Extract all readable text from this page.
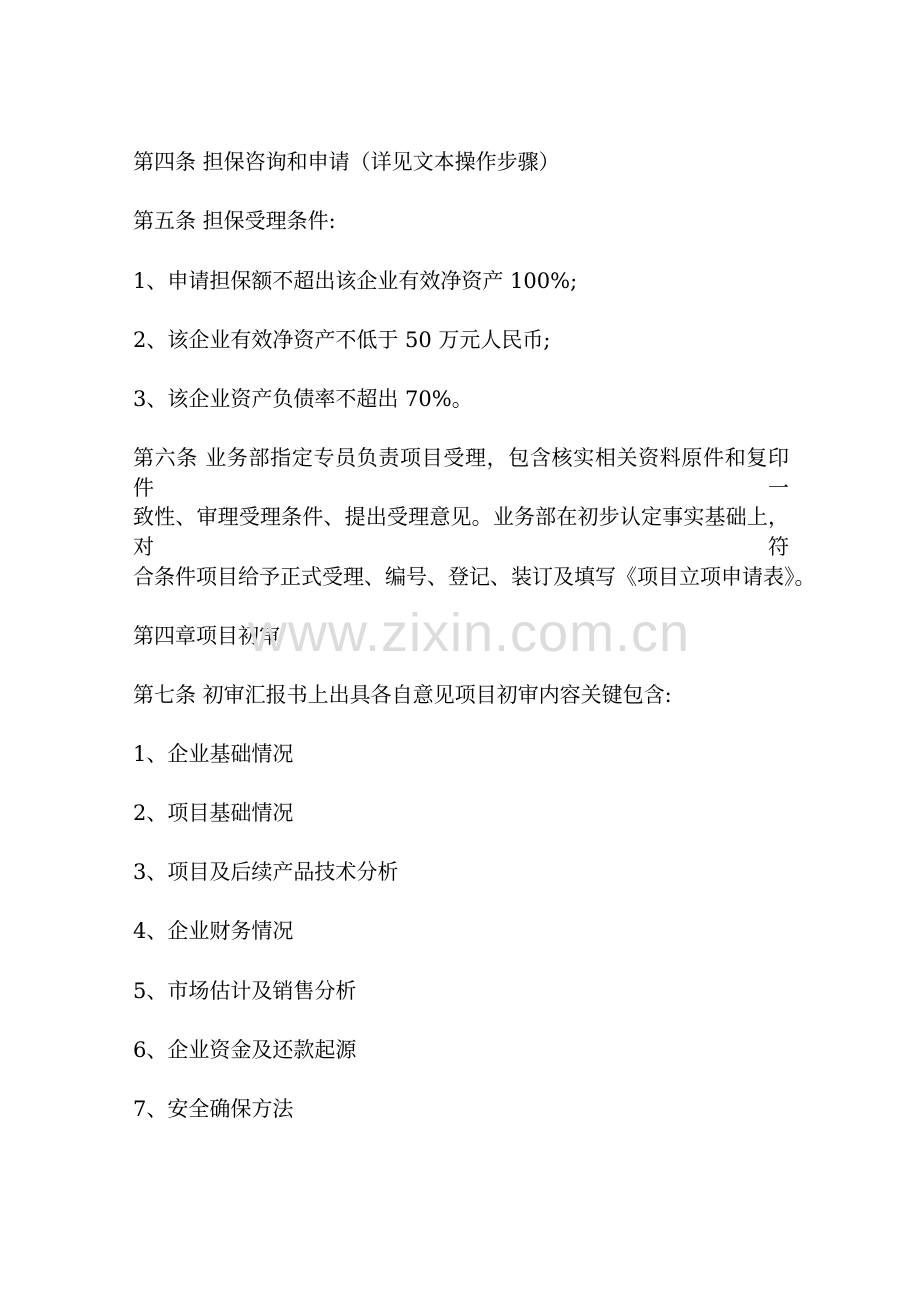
第四条 担保咨询和申请（详见文本操作步骤）
第五条 担保受理条件:
1、申请担保额不超出该企业有效净资产 100%;
2、该企业有效净资产不低于 50 万元人民币;
3、该企业资产负债率不超出 70%。
第六条 业务部指定专员负责项目受理，包含核实相关资料原件和复印件一
致性、审理受理条件、提出受理意见。业务部在初步认定事实基础上，对符
合条件项目给予正式受理、编号、登记、装订及填写《项目立项申请表》。
第四章项目初审
第七条 初审汇报书上出具各自意见项目初审内容关键包含:
1、企业基础情况
2、项目基础情况
3、项目及后续产品技术分析
4、企业财务情况
5、市场估计及销售分析
6、企业资金及还款起源
7、安全确保方法
www.zixin.com.cn
